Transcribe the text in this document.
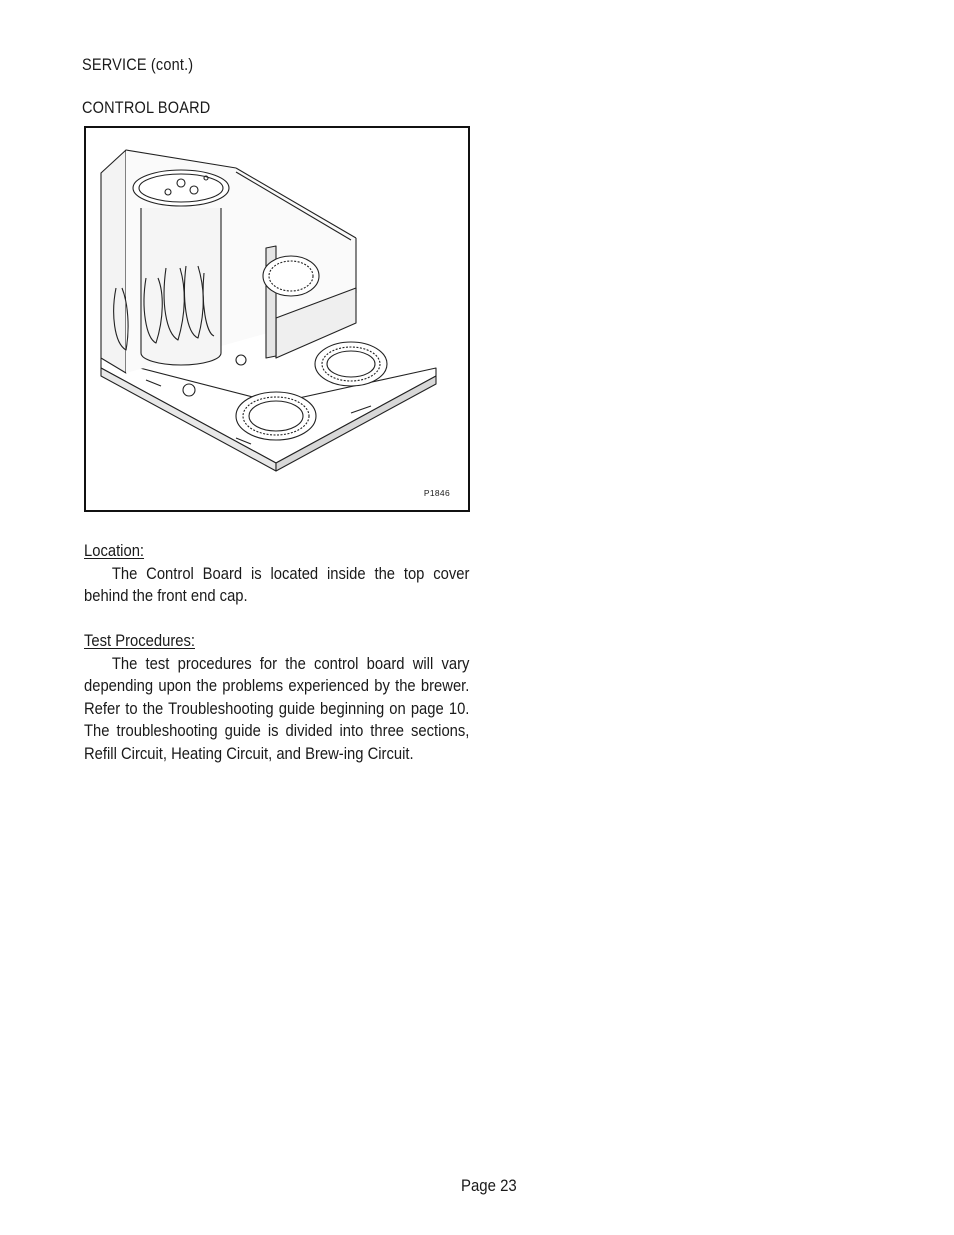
SERVICE (cont.)
CONTROL BOARD
P1846
Location:
The Control Board is located inside the top cover behind the front end cap.
Test Procedures:
The test procedures for the control board will vary depending upon the problems experienced by the brewer. Refer to the Troubleshooting guide beginning on page 10. The troubleshooting guide is divided into three sections, Refill Circuit, Heating Circuit, and Brew-ing Circuit.
Page 23
